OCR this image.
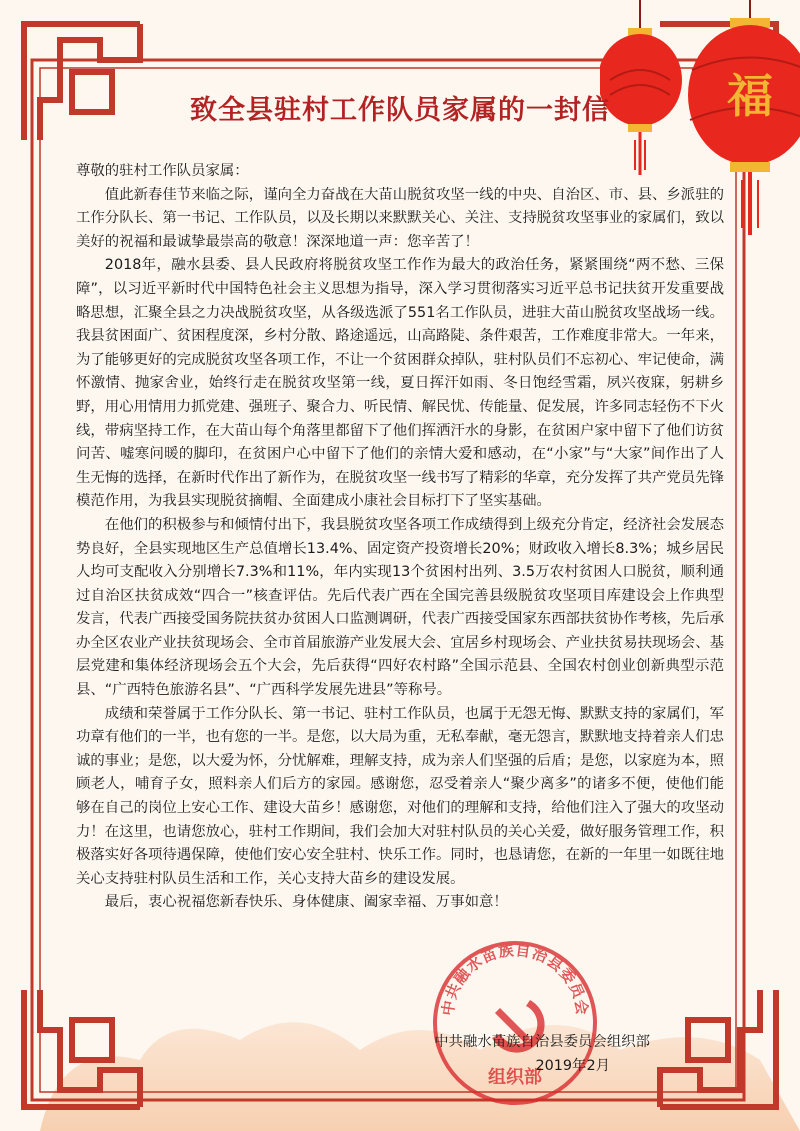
福
致全县驻村工作队员家属的一封信

尊敬的驻村工作队员家属：

值此新春佳节来临之际，谨向全力奋战在大苗山脱贫攻坚一线的中央、自治区、市、县、乡派驻的工作分队长、第一书记、工作队员，以及长期以来默默关心、关注、支持脱贫攻坚事业的家属们，致以美好的祝福和最诚挚最崇高的敬意！深深地道一声：您辛苦了！

2018年，融水县委、县人民政府将脱贫攻坚工作作为最大的政治任务，紧紧围绕“两不愁、三保障”，以习近平新时代中国特色社会主义思想为指导，深入学习贯彻落实习近平总书记扶贫开发重要战略思想，汇聚全县之力决战脱贫攻坚，从各级选派了551名工作队员，进驻大苗山脱贫攻坚战场一线。我县贫困面广、贫困程度深，乡村分散、路途遥远，山高路陡、条件艰苦，工作难度非常大。一年来，为了能够更好的完成脱贫攻坚各项工作，不让一个贫困群众掉队，驻村队员们不忘初心、牢记使命，满怀激情、抛家舍业，始终行走在脱贫攻坚第一线，夏日挥汗如雨、冬日饱经雪霜，夙兴夜寐，躬耕乡野，用心用情用力抓党建、强班子、聚合力、听民情、解民忧、传能量、促发展，许多同志轻伤不下火线，带病坚持工作，在大苗山每个角落里都留下了他们挥洒汗水的身影，在贫困户家中留下了他们访贫问苦、嘘寒问暖的脚印，在贫困户心中留下了他们的亲情大爱和感动，在“小家”与“大家”间作出了人生无悔的选择，在新时代作出了新作为，在脱贫攻坚一线书写了精彩的华章，充分发挥了共产党员先锋模范作用，为我县实现脱贫摘帽、全面建成小康社会目标打下了坚实基础。

在他们的积极参与和倾情付出下，我县脱贫攻坚各项工作成绩得到上级充分肯定，经济社会发展态势良好，全县实现地区生产总值增长13.4%、固定资产投资增长20%；财政收入增长8.3%；城乡居民人均可支配收入分别增长7.3%和11%，年内实现13个贫困村出列、3.5万农村贫困人口脱贫，顺利通过自治区扶贫成效“四合一”核查评估。先后代表广西在全国完善县级脱贫攻坚项目库建设会上作典型发言，代表广西接受国务院扶贫办贫困人口监测调研，代表广西接受国家东西部扶贫协作考核，先后承办全区农业产业扶贫现场会、全市首届旅游产业发展大会、宜居乡村现场会、产业扶贫易扶现场会、基层党建和集体经济现场会五个大会，先后获得“四好农村路”全国示范县、全国农村创业创新典型示范县、“广西特色旅游名县”、“广西科学发展先进县”等称号。

成绩和荣誉属于工作分队长、第一书记、驻村工作队员，也属于无怨无悔、默默支持的家属们，军功章有他们的一半，也有您的一半。是您，以大局为重，无私奉献，毫无怨言，默默地支持着亲人们忠诚的事业；是您，以大爱为怀，分忧解难，理解支持，成为亲人们坚强的后盾；是您，以家庭为本，照顾老人，哺育子女，照料亲人们后方的家园。感谢您，忍受着亲人“聚少离多”的诸多不便，使他们能够在自己的岗位上安心工作、建设大苗乡！感谢您，对他们的理解和支持，给他们注入了强大的攻坚动力！在这里，也请您放心，驻村工作期间，我们会加大对驻村队员的关心关爱，做好服务管理工作，积极落实好各项待遇保障，使他们安心安全驻村、快乐工作。同时，也恳请您，在新的一年里一如既往地关心支持驻村队员生活和工作，关心支持大苗乡的建设发展。

最后，衷心祝福您新春快乐、身体健康、阖家幸福、万事如意！

中共融水苗族自治县委员会
组织部
中共融水苗族自治县委员会组织部
2019年2月
